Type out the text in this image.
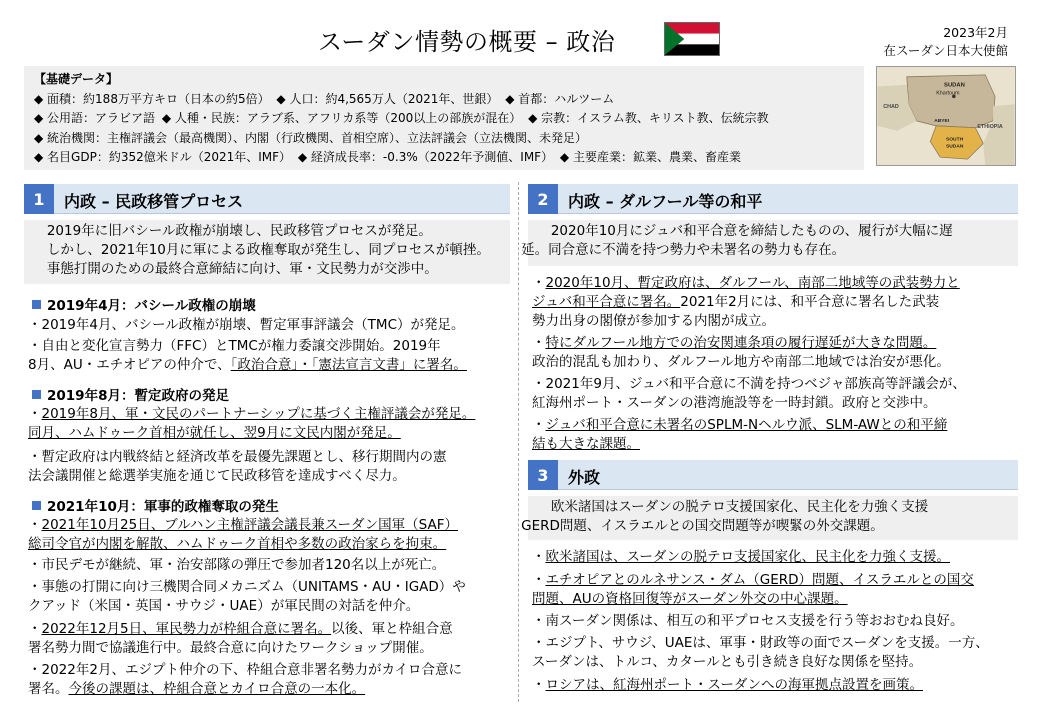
スーダン情勢の概要 – 政治	2023年2月
在スーダン日本大使館
【基礎データ】
◆ 面積：約188万平方キロ（日本の約5倍） ◆ 人口：約4,565万人（2021年、世銀） ◆ 首都：ハルツーム
◆ 公用語：アラビア語 ◆ 人種・民族：アラブ系、アフリカ系等（200以上の部族が混在） ◆ 宗教：イスラム教、キリスト教、伝統宗教
◆ 統治機関：主権評議会（最高機関）、内閣（行政機関、首相空席）、立法評議会（立法機関、未発足）
◆ 名目GDP：約352億米ドル（2021年、IMF） ◆ 経済成長率：-0.3%（2022年予測値、IMF） ◆ 主要産業：鉱業、農業、畜産業
SUDAN
Khartoum
CHAD
ABYEI
ETHIOPIA
SOUTH
SUDAN
1	内政 – 民政移管プロセス
2019年に旧バシール政権が崩壊し、民政移管プロセスが発足。
しかし、2021年10月に軍による政権奪取が発生し、同プロセスが頓挫。
事態打開のための最終合意締結に向け、軍・文民勢力が交渉中。
2019年4月：バシール政権の崩壊
・2019年4月、バシール政権が崩壊、暫定軍事評議会（TMC）が発足。
・自由と変化宣言勢力（FFC）とTMCが権力委譲交渉開始。2019年
8月、AU・エチオピアの仲介で、「政治合意」・「憲法宣言文書」に署名。
2019年8月：暫定政府の発足
・2019年8月、軍・文民のパートナーシップに基づく主権評議会が発足。
同月、ハムドゥーク首相が就任し、翌9月に文民内閣が発足。
・暫定政府は内戦終結と経済改革を最優先課題とし、移行期間内の憲
法会議開催と総選挙実施を通じて民政移管を達成すべく尽力。
2021年10月：軍事的政権奪取の発生
・2021年10月25日、ブルハン主権評議会議長兼スーダン国軍（SAF）
総司令官が内閣を解散、ハムドゥーク首相や多数の政治家らを拘束。
・市民デモが継続、軍・治安部隊の弾圧で参加者120名以上が死亡。
・事態の打開に向け三機関合同メカニズム（UNITAMS・AU・IGAD）や
クアッド（米国・英国・サウジ・UAE）が軍民間の対話を仲介。
・2022年12月5日、軍民勢力が枠組合意に署名。以後、軍と枠組合意
署名勢力間で協議進行中。最終合意に向けたワークショップ開催。
・2022年2月、エジプト仲介の下、枠組合意非署名勢力がカイロ合意に
署名。今後の課題は、枠組合意とカイロ合意の一本化。
2	内政 – ダルフール等の和平
2020年10月にジュバ和平合意を締結したものの、履行が大幅に遅
延。同合意に不満を持つ勢力や未署名の勢力も存在。
・2020年10月、暫定政府は、ダルフール、南部二地域等の武装勢力と
ジュバ和平合意に署名。2021年2月には、和平合意に署名した武装
勢力出身の閣僚が参加する内閣が成立。
・特にダルフール地方での治安関連条項の履行遅延が大きな問題。
政治的混乱も加わり、ダルフール地方や南部二地域では治安が悪化。
・2021年9月、ジュバ和平合意に不満を持つベジャ部族高等評議会が、
紅海州ポート・スーダンの港湾施設等を一時封鎖。政府と交渉中。
・ジュバ和平合意に未署名のSPLM-Nヘルウ派、SLM-AWとの和平締
結も大きな課題。
3	外政
欧米諸国はスーダンの脱テロ支援国家化、民主化を力強く支援
GERD問題、イスラエルとの国交問題等が喫緊の外交課題。
・欧米諸国は、スーダンの脱テロ支援国家化、民主化を力強く支援。
・エチオピアとのルネサンス・ダム（GERD）問題、イスラエルとの国交
問題、AUの資格回復等がスーダン外交の中心課題。
・南スーダン関係は、相互の和平プロセス支援を行う等おおむね良好。
・エジプト、サウジ、UAEは、軍事・財政等の面でスーダンを支援。一方、
スーダンは、トルコ、カタールとも引き続き良好な関係を堅持。
・ロシアは、紅海州ポート・スーダンへの海軍拠点設置を画策。
